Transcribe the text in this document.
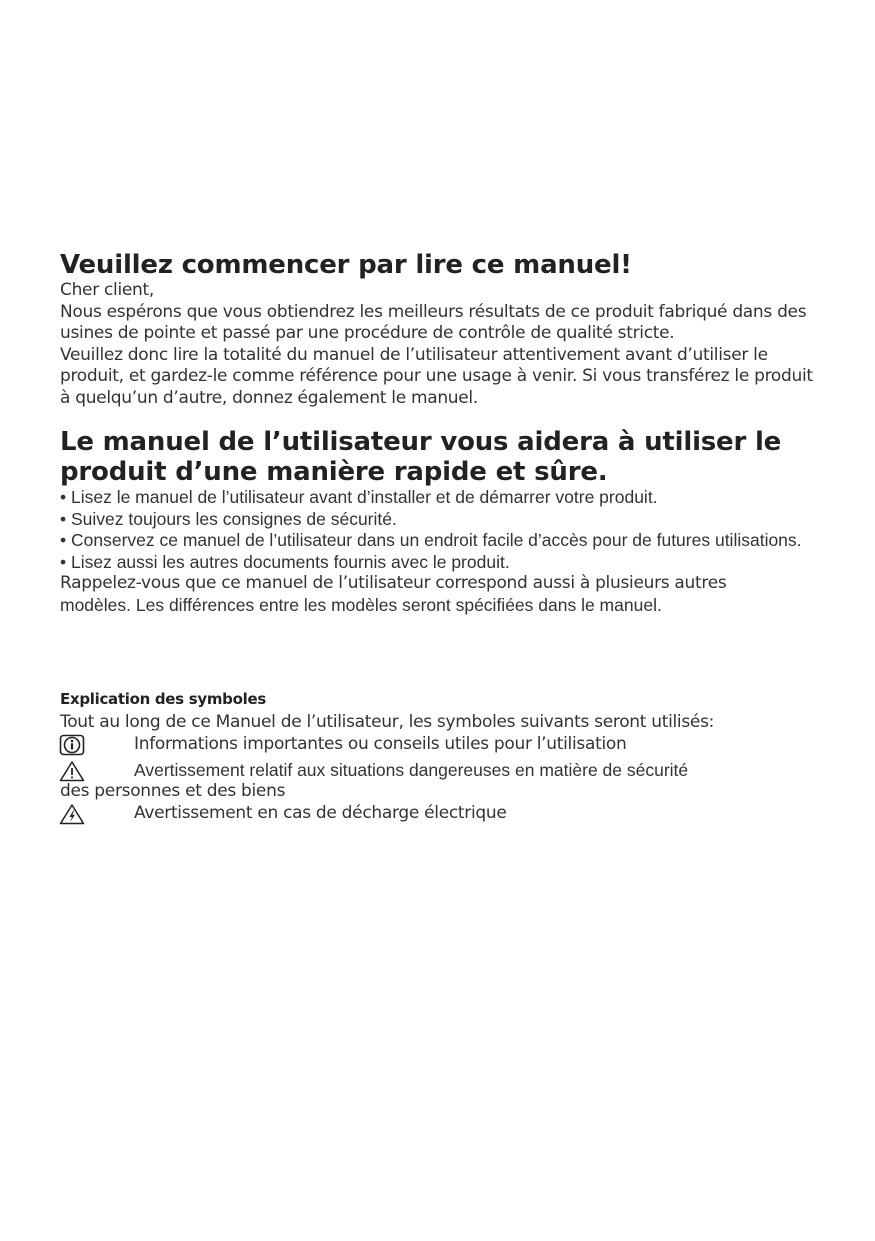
Veuillez commencer par lire ce manuel!

Cher client,

Nous espérons que vous obtiendrez les meilleurs résultats de ce produit fabriqué dans des usines de pointe et passé par une procédure de contrôle de qualité stricte.

Veuillez donc lire la totalité du manuel de l’utilisateur attentivement avant d’utiliser le produit, et gardez-le comme référence pour une usage à venir. Si vous transférez le produit à quelqu’un d’autre, donnez également le manuel.

Le manuel de l’utilisateur vous aidera à utiliser le produit d’une manière rapide et sûre.

• Lisez le manuel de l’utilisateur avant d’installer et de démarrer votre produit.

• Suivez toujours les consignes de sécurité.

• Conservez ce manuel de l’utilisateur dans un endroit facile d’accès pour de futures utilisations.

• Lisez aussi les autres documents fournis avec le produit.

Rappelez-vous que ce manuel de l’utilisateur correspond aussi à plusieurs autres

modèles. Les différences entre les modèles seront spécifiées dans le manuel.

Explication des symboles

Tout au long de ce Manuel de l’utilisateur, les symboles suivants seront utilisés:

Informations importantes ou conseils utiles pour l’utilisation
Avertissement relatif aux situations dangereuses en matière de sécurité
des personnes et des biens
Avertissement en cas de décharge électrique
